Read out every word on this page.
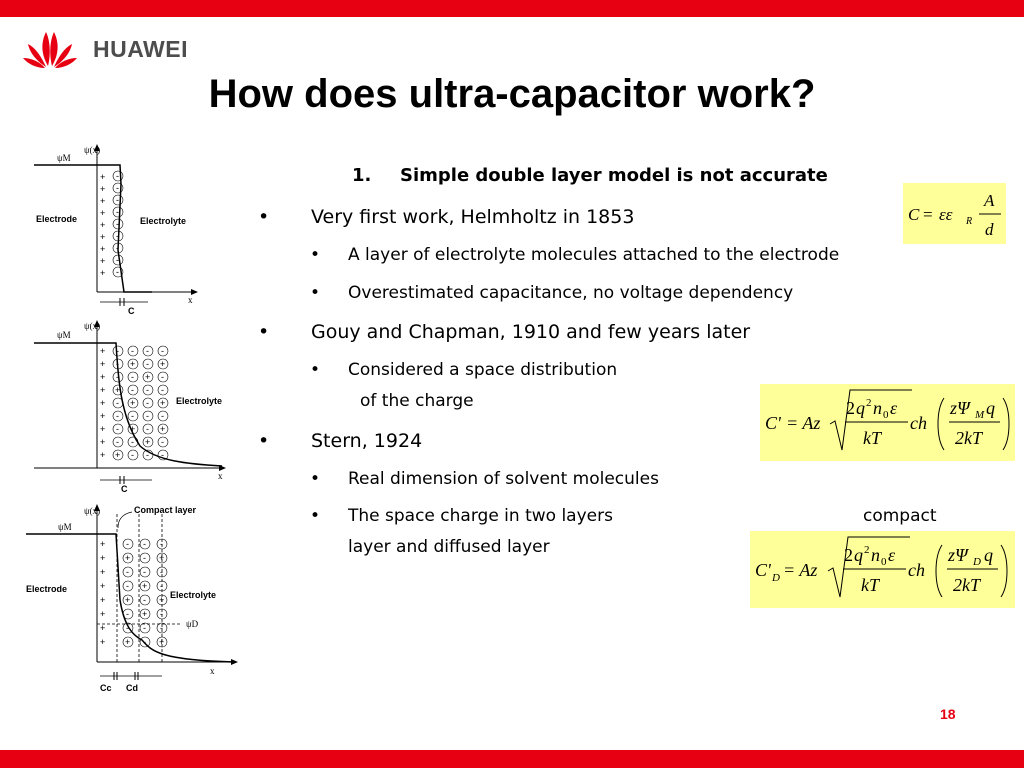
HUAWEI
How does ultra-capacitor work?
ψ(x)
ψM
Electrode	Electrolyte
x
C
+
+
+
+
+
+
+
+
+
-
-
-
-
-
-
-
-
-
ψ(x)
ψM
Electrolyte
x
C
+
+
+
+
+
+
+
+
+
- - - -
- + - +
- - + -
+ - - -
- + - +
- - - -
- + - +
- - + -
+ - - -
ψ(x)
ψM
Compact layer
Electrode
Electrolyte
ψD
x
Cc Cd
+
+
+
+
+
+
+
+
- - -
+ - +
- - -
- + -
+ - +
- + -
- - -
+ - +
1. Simple double layer model is not accurate
• Very first work, Helmholtz in 1853
• A layer of electrolyte molecules attached to the electrode
• Overestimated capacitance, no voltage dependency
• Gouy and Chapman, 1910 and few years later
• Considered a space distribution
of the charge
• Stern, 1924
• Real dimension of solvent molecules
• The space charge in two layers	compact
layer and diffused layer
C = εε R
A
d
C' = Az
2 q 2 n 0 ε
kT
ch
zΨ M q
2kT
C' D = Az
2 q 2 n 0 ε
kT
ch
zΨ D q
2kT
18
